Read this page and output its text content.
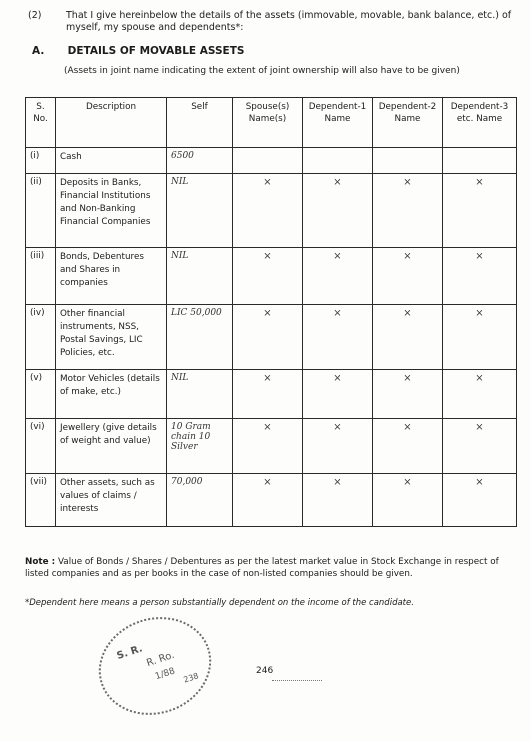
(2)	That I give hereinbelow the details of the assets (immovable, movable, bank balance, etc.) of myself, my spouse and dependents*:
A. DETAILS OF MOVABLE ASSETS
(Assets in joint name indicating the extent of joint ownership will also have to be given)
S. No.	Description	Self	Spouse(s) Name(s)	Dependent-1 Name	Dependent-2 Name	Dependent-3 etc. Name
(i)	Cash	6500				
(ii)	Deposits in Banks, Financial Institutions and Non-Banking Financial Companies	NIL	×	×	×	×
(iii)	Bonds, Debentures and Shares in companies	NIL	×	×	×	×
(iv)	Other financial instruments, NSS, Postal Savings, LIC Policies, etc.	LIC 50,000	×	×	×	×
(v)	Motor Vehicles (details of make, etc.)	NIL	×	×	×	×
(vi)	Jewellery (give details of weight and value)	10 Gram chain 10 Silver	×	×	×	×
(vii)	Other assets, such as values of claims / interests	70,000	×	×	×	×
Note : Value of Bonds / Shares / Debentures as per the latest market value in Stock Exchange in respect of listed companies and as per books in the case of non-listed companies should be given.
*Dependent here means a person substantially dependent on the income of the candidate.
S. R. R. Ro.
1/88 238
246
